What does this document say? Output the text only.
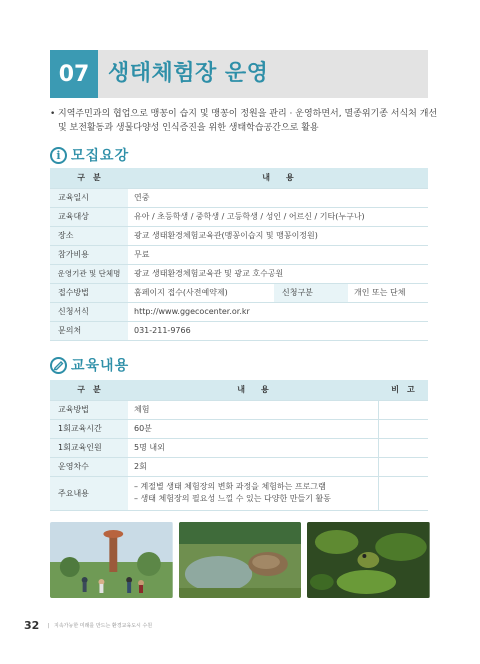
07 생태체험장 운영
• 지역주민과의 협업으로 맹꽁이 습지 및 맹꽁이 정원을 관리 · 운영하면서, 멸종위기종 서식처 개선 및 보전활동과 생물다양성 인식증진을 위한 생태학습공간으로 활용
i 모집요강
구　분	내　　용		
교육일시	연중		
교육대상	유아 / 초등학생 / 중학생 / 고등학생 / 성인 / 어르신 / 기타(누구나)		
장소	광교 생태환경체험교육관(맹꽁이습지 및 맹꽁이정원)		
참가비용	무료		
운영기관 및 단체명	광교 생태환경체험교육관 및 광교 호수공원		
접수방법	홈페이지 접수(사전예약제)	신청구분	개인 또는 단체
신청서식	http://www.ggecocenter.or.kr		
문의처	031-211-9766		
교육내용
구　분	내　　용	비　고
교육방법	체험	
1회교육시간	60분	
1회교육인원	5명 내외	
운영차수	2회	
주요내용	– 계절별 생태 체험장의 변화 과정을 체험하는 프로그램
– 생태 체험장의 필요성 느낄 수 있는 다양한 만들기 활동	

32 |　지속가능한 미래를 만드는 환경교육도시 수원
